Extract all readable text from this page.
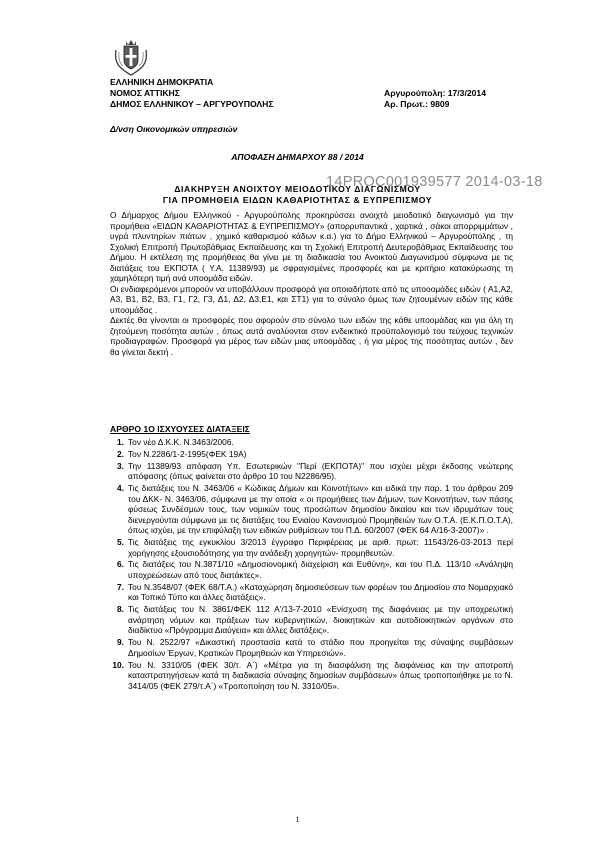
ΕΛΛΗΝΙΚΗ ΔΗΜΟΚΡΑΤΙΑ
ΝΟΜΟΣ ΑΤΤΙΚΗΣ
ΔΗΜΟΣ ΕΛΛΗΝΙΚΟΥ – ΑΡΓΥΡΟΥΠΟΛΗΣ
Αργυρούπολη: 17/3/2014
Αρ. Πρωτ.: 9809
Δ/νση Οικονομικών υπηρεσιών
ΑΠΟΦΑΣΗ ΔΗΜΑΡΧΟΥ 88 / 2014
14PROC001939577 2014-03-18
ΔΙΑΚΗΡΥΞΗ ΑΝΟΙΧΤΟΥ ΜΕΙΟΔΟΤΙΚΟΥ ΔΙΑΓΩΝΙΣΜΟΥ
ΓΙΑ ΠΡΟΜΗΘΕΙΑ ΕΙΔΩΝ ΚΑΘΑΡΙΟΤΗΤΑΣ & ΕΥΠΡΕΠΙΣΜΟΥ

Ο Δήμαρχος Δήμου Ελληνικού - Αργυρούπολης προκηρύσσει ανοιχτό μειοδοτικό διαγωνισμό για την προμήθεια «ΕΙΔΩΝ ΚΑΘΑΡΙΟΤΗΤΑΣ & ΕΥΠΡΕΠΙΣΜΟΥ» (απορρυπαντικά , χαρτικά , σάκοι απορριμμάτων , υγρά πλυντηρίων πιάτων , χημικό καθαρισμού κάδων κ.α.) για το Δήμο Ελληνικού – Αργυρούπολης , τη Σχολική Επιτροπή Πρωτοβάθμιας Εκπαίδευσης και τη Σχολική Επιτροπή Δευτεροβάθμιας Εκπαίδευσης του Δήμου. Η εκτέλεση της προμήθειας θα γίνει με τη διαδικασία του Ανοικτού Διαγωνισμού σύμφωνα με τις διατάξεις του ΕΚΠΟΤΑ ( Υ.Α. 11389/93) με σφραγισμένες προσφορές και με κριτήριο κατακύρωσης τη χαμηλότερη τιμή ανά υποομάδα ειδών.

Οι ενδιαφερόμενοι μπορούν να υποβάλλουν προσφορά για οποιαδήποτε από τις υποοομάδες ειδών ( Α1,Α2, Α3, Β1, Β2, Β3, Γ1, Γ2, Γ3, Δ1, Δ2, Δ3,Ε1, και ΣΤ1) για το σύνολο όμως των ζητουμένων ειδών της κάθε υποομάδας .

Δεκτές θα γίνονται οι προσφορές που αφορούν στο σύνολο των ειδών της κάθε υποομάδας και για όλη τη ζητούμενη ποσότητα αυτών , όπως αυτά αναλύονται στον ενδεικτικό προϋπολογισμό του τεύχους τεχνικών προδιαγραφών. Προσφορά για μέρος των ειδών μιας υποομάδας , ή για μέρος της ποσότητας αυτών , δεν θα γίνεται δεκτή .

ΑΡΘΡΟ 1Ο ΙΣΧΥΟΥΣΕΣ ΔΙΑΤΑΞΕΙΣ
1. Τον νέο Δ.Κ.Κ. Ν.3463/2006.
2. Τον Ν.2286/1-2-1995(ΦΕΚ 19Α)
3. Την 11389/93 απόφαση Υπ. Εσωτερικών "Περί (ΕΚΠΟΤΑ)" που ισχύει μέχρι έκδοσης νεώτερης απόφασης (όπως φαίνεται στο άρθρο 10 του Ν2286/95).
4. Τις διατάξεις του Ν. 3463/06 « Κώδικας Δήμων και Κοινοτήτων» και ειδικά την παρ. 1 του άρθρου 209 του ΔΚΚ- Ν. 3463/06, σύμφωνα με την οποία « οι προμήθειες των Δήμων, των Κοινοτήτων, των πάσης φύσεως Συνδέσμων τους, των νομικών τους προσώπων δημοσίου δικαίου και των ιδρυμάτων τους διενεργούνται σύμφωνα με τις διατάξεις του Ενιαίου Κανονισμού Προμηθειών των Ο.Τ.Α. (Ε.Κ.Π.Ο.Τ.Α), όπως ισχύει, με την επιφύλαξη των ειδικών ρυθμίσεων του Π.Δ. 60/2007 (ΦΕΚ 64 Α/16-3-2007)» .
5. Τις διατάξεις της εγκυκλίου 3/2013 έγγραφο Περιφέρειας με αριθ. πρωτ: 11543/26-03-2013 περί χορήγησης εξουσιοδότησης για την ανάδειξη χορηγητών- προμηθευτών.
6. Τις διατάξεις του Ν.3871/10 «Δημοσιονομική διαχείριση και Ευθύνη», και του Π.Δ. 113/10 «Ανάληψη υποχρεώσεων από τους διατάκτες».
7. Του Ν.3548/07 (ΦΕΚ 68/Τ.Α.) «Καταχώρηση δημοσιεύσεων των φορέων του Δημοσίου στο Νομαρχιακό και Τοπικό Τύπο και άλλες διατάξεις».
8. Τις διατάξεις του Ν. 3861/ΦΕΚ 112 Α'/13-7-2010 «Ενίσχυση της διαφάνειας με την υποχρεωτική ανάρτηση νόμων και πράξεων των κυβερνητικών, διοικητικών και αυτοδιοικητικών οργάνων στο διαδίκτυο «Πρόγραμμα Διαύγεια» και άλλες διατάξεις».
9. Του Ν. 2522/97 «Δικαστική προστασία κατά το στάδιο που προηγείται της σύναψης συμβάσεων Δημοσίων Έργων, Κρατικών Προμηθειών και Υπηρεσιών».
10. Του Ν. 3310/05 (ΦΕΚ 30/τ. Α΄) «Μέτρα για τη διασφάλιση της διαφάνειας και την αποτροπή καταστρατηγήσεων κατά τη διαδικασία σύναψης δημοσίων συμβάσεων» όπως τροποποιήθηκε με το Ν. 3414/05 (ΦΕΚ 279/τ.Α΄) «Τροποποίηση του Ν. 3310/05».
1
